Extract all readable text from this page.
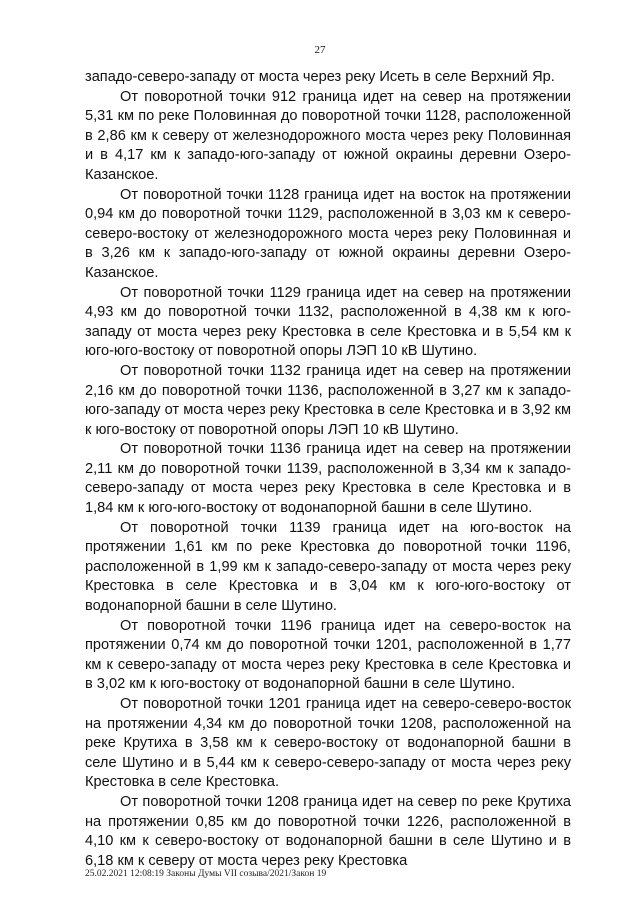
27

западо-северо-западу от моста через реку Исеть в селе Верхний Яр.

От поворотной точки 912 граница идет на север на протяжении 5,31 км по реке Половинная до поворотной точки 1128, расположенной в 2,86 км к северу от железнодорожного моста через реку Половинная и в 4,17 км к западо-юго-западу от южной окраины деревни Озеро-Казанское.

От поворотной точки 1128 граница идет на восток на протяжении 0,94 км до поворотной точки 1129, расположенной в 3,03 км к северо-северо-востоку от железнодорожного моста через реку Половинная и в 3,26 км к западо-юго-западу от южной окраины деревни Озеро-Казанское.

От поворотной точки 1129 граница идет на север на протяжении 4,93 км до поворотной точки 1132, расположенной в 4,38 км к юго-западу от моста через реку Крестовка в селе Крестовка и в 5,54 км к юго-юго-востоку от поворотной опоры ЛЭП 10 кВ Шутино.

От поворотной точки 1132 граница идет на север на протяжении 2,16 км до поворотной точки 1136, расположенной в 3,27 км к западо-юго-западу от моста через реку Крестовка в селе Крестовка и в 3,92 км к юго-востоку от поворотной опоры ЛЭП 10 кВ Шутино.

От поворотной точки 1136 граница идет на север на протяжении 2,11 км до поворотной точки 1139, расположенной в 3,34 км к западо-северо-западу от моста через реку Крестовка в селе Крестовка и в 1,84 км к юго-юго-востоку от водонапорной башни в селе Шутино.

От поворотной точки 1139 граница идет на юго-восток на протяжении 1,61 км по реке Крестовка до поворотной точки 1196, расположенной в 1,99 км к западо-северо-западу от моста через реку Крестовка в селе Крестовка и в 3,04 км к юго-юго-востоку от водонапорной башни в селе Шутино.

От поворотной точки 1196 граница идет на северо-восток на протяжении 0,74 км до поворотной точки 1201, расположенной в 1,77 км к северо-западу от моста через реку Крестовка в селе Крестовка и в 3,02 км к юго-востоку от водонапорной башни в селе Шутино.

От поворотной точки 1201 граница идет на северо-северо-восток на протяжении 4,34 км до поворотной точки 1208, расположенной на реке Крутиха в 3,58 км к северо-востоку от водонапорной башни в селе Шутино и в 5,44 км к северо-северо-западу от моста через реку Крестовка в селе Крестовка.

От поворотной точки 1208 граница идет на север по реке Крутиха на протяжении 0,85 км до поворотной точки 1226, расположенной в 4,10 км к северо-востоку от водонапорной башни в селе Шутино и в 6,18 км к северу от моста через реку Крестовка

25.02.2021 12:08:19 Законы Думы VII созыва/2021/Закон 19
